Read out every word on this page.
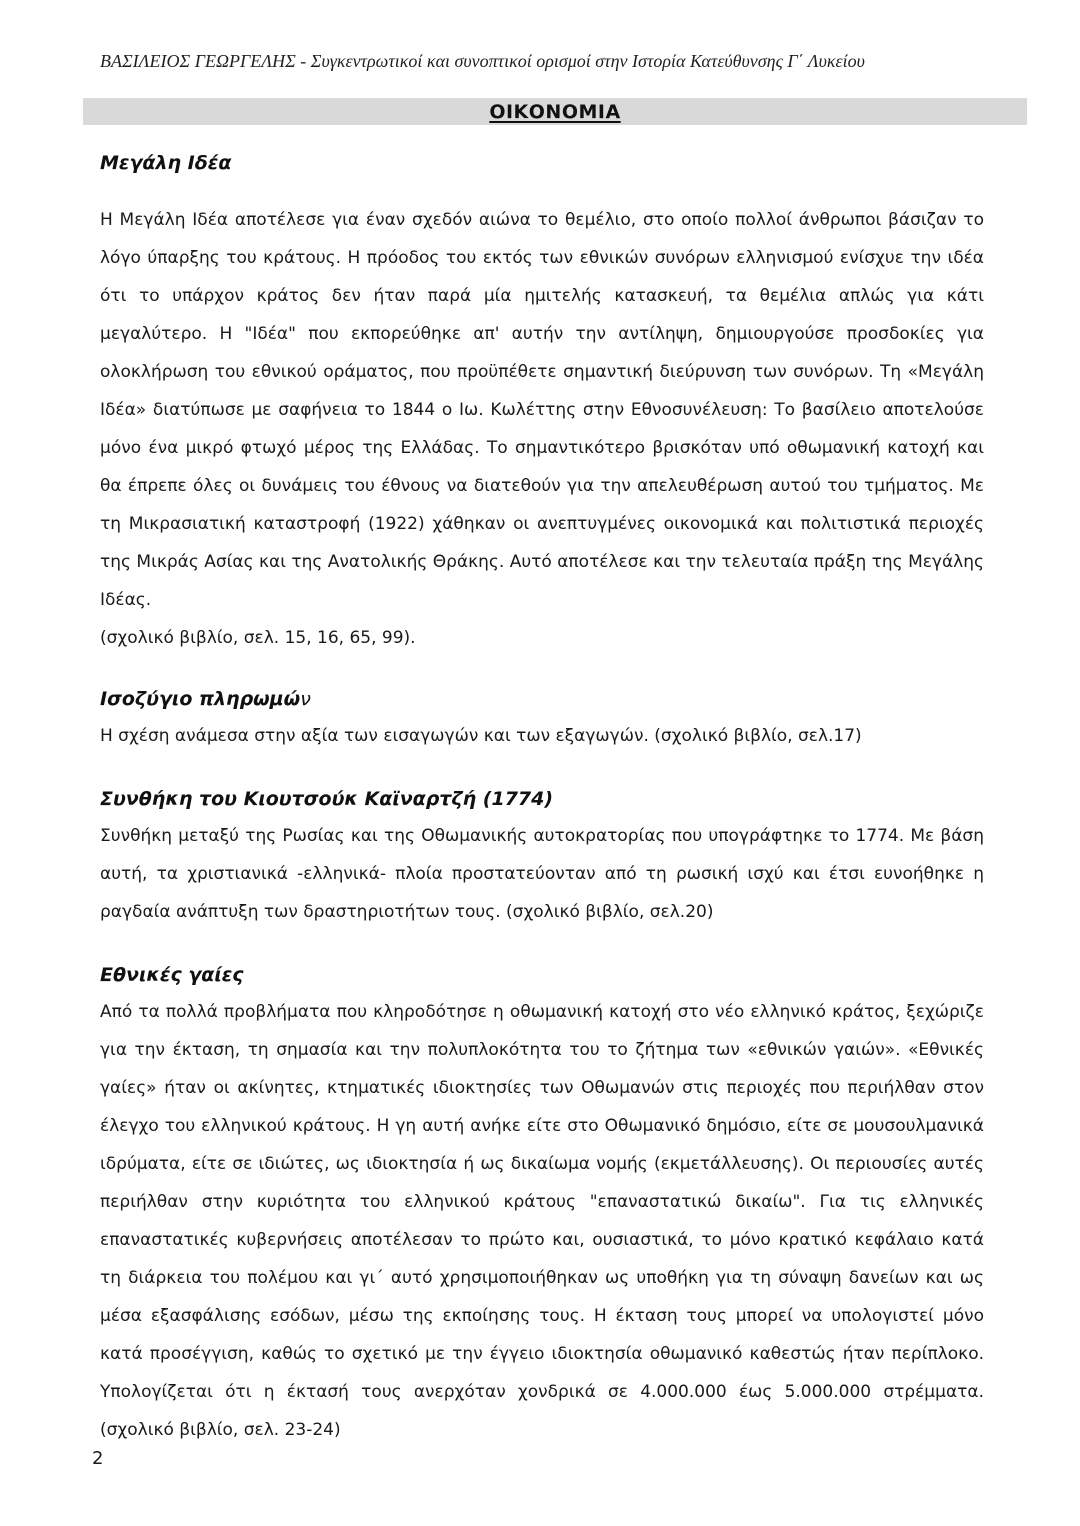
ΒΑΣΙΛΕΙΟΣ ΓΕΩΡΓΕΛΗΣ - Συγκεντρωτικοί και συνοπτικοί ορισμοί στην Ιστορία Κατεύθυνσης Γ΄ Λυκείου
ΟΙΚΟΝΟΜΙΑ
Μεγάλη Ιδέα

Η Μεγάλη Ιδέα αποτέλεσε για έναν σχεδόν αιώνα το θεμέλιο, στο οποίο πολλοί άνθρωποι βάσιζαν το λόγο ύπαρξης του κράτους. Η πρόοδος του εκτός των εθνικών συνόρων ελληνισμού ενίσχυε την ιδέα ότι το υπάρχον κράτος δεν ήταν παρά μία ημιτελής κατασκευή, τα θεμέλια απλώς για κάτι μεγαλύτερο. Η "Ιδέα" που εκπορεύθηκε απ' αυτήν την αντίληψη, δημιουργούσε προσδοκίες για ολοκλήρωση του εθνικού οράματος, που προϋπέθετε σημαντική διεύρυνση των συνόρων. Τη «Μεγάλη Ιδέα» διατύπωσε με σαφήνεια το 1844 ο Ιω. Κωλέττης στην Εθνοσυνέλευση: Το βασίλειο αποτελούσε μόνο ένα μικρό φτωχό μέρος της Ελλάδας. Το σημαντικότερο βρισκόταν υπό οθωμανική κατοχή και θα έπρεπε όλες οι δυνάμεις του έθνους να διατεθούν για την απελευθέρωση αυτού του τμήματος. Με τη Μικρασιατική καταστροφή (1922) χάθηκαν οι ανεπτυγμένες οικονομικά και πολιτιστικά περιοχές της Μικράς Ασίας και της Ανατολικής Θράκης. Αυτό αποτέλεσε και την τελευταία πράξη της Μεγάλης Ιδέας.

(σχολικό βιβλίο, σελ. 15, 16, 65, 99).

Ισοζύγιο πληρωμών

Η σχέση ανάμεσα στην αξία των εισαγωγών και των εξαγωγών. (σχολικό βιβλίο, σελ.17)

Συνθήκη του Κιουτσούκ Καϊναρτζή (1774)

Συνθήκη μεταξύ της Ρωσίας και της Οθωμανικής αυτοκρατορίας που υπογράφτηκε το 1774. Με βάση αυτή, τα χριστιανικά -ελληνικά- πλοία προστατεύονταν από τη ρωσική ισχύ και έτσι ευνοήθηκε η ραγδαία ανάπτυξη των δραστηριοτήτων τους. (σχολικό βιβλίο, σελ.20)

Εθνικές γαίες

Από τα πολλά προβλήματα που κληροδότησε η οθωμανική κατοχή στο νέο ελληνικό κράτος, ξεχώριζε για την έκταση, τη σημασία και την πολυπλοκότητα του το ζήτημα των «εθνικών γαιών». «Εθνικές γαίες» ήταν οι ακίνητες, κτηματικές ιδιοκτησίες των Οθωμανών στις περιοχές που περιήλθαν στον έλεγχο του ελληνικού κράτους. Η γη αυτή ανήκε είτε στο Οθωμανικό δημόσιο, είτε σε μουσουλμανικά ιδρύματα, είτε σε ιδιώτες, ως ιδιοκτησία ή ως δικαίωμα νομής (εκμετάλλευσης). Οι περιουσίες αυτές περιήλθαν στην κυριότητα του ελληνικού κράτους "επαναστατικώ δικαίω". Για τις ελληνικές επαναστατικές κυβερνήσεις αποτέλεσαν το πρώτο και, ουσιαστικά, το μόνο κρατικό κεφάλαιο κατά τη διάρκεια του πολέμου και γι΄ αυτό χρησιμοποιήθηκαν ως υποθήκη για τη σύναψη δανείων και ως μέσα εξασφάλισης εσόδων, μέσω της εκποίησης τους. Η έκταση τους μπορεί να υπολογιστεί μόνο κατά προσέγγιση, καθώς το σχετικό με την έγγειο ιδιοκτησία οθωμανικό καθεστώς ήταν περίπλοκο. Υπολογίζεται ότι η έκτασή τους ανερχόταν χονδρικά σε 4.000.000 έως 5.000.000 στρέμματα. (σχολικό βιβλίο, σελ. 23-24)

2
